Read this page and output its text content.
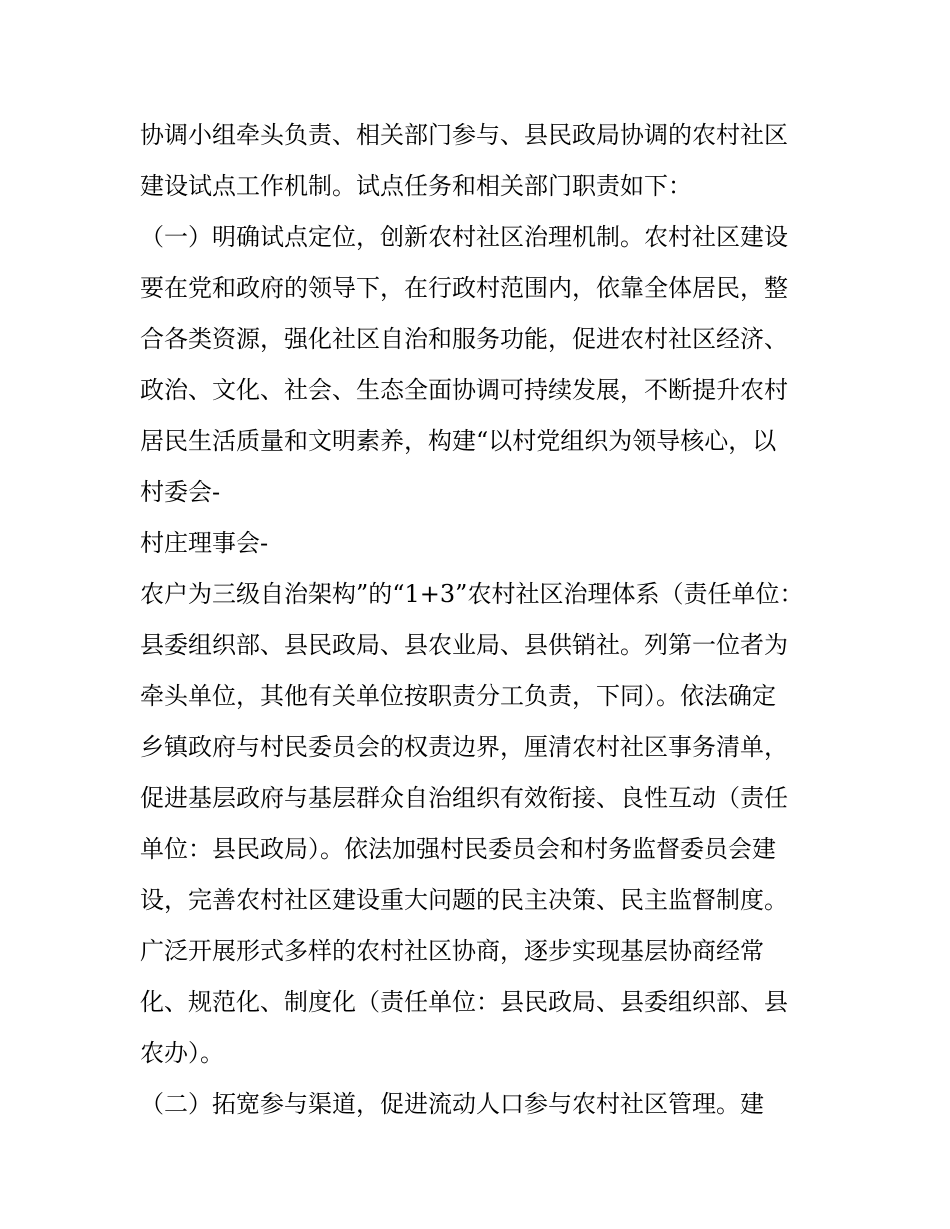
协调小组牵头负责、相关部门参与、县民政局协调的农村社区
建设试点工作机制。试点任务和相关部门职责如下：
（一）明确试点定位，创新农村社区治理机制。农村社区建设
要在党和政府的领导下，在行政村范围内，依靠全体居民，整
合各类资源，强化社区自治和服务功能，促进农村社区经济、
政治、文化、社会、生态全面协调可持续发展，不断提升农村
居民生活质量和文明素养，构建“以村党组织为领导核心，以
村委会-
村庄理事会-
农户为三级自治架构”的“1+3”农村社区治理体系（责任单位：
县委组织部、县民政局、县农业局、县供销社。列第一位者为
牵头单位，其他有关单位按职责分工负责，下同）。依法确定
乡镇政府与村民委员会的权责边界，厘清农村社区事务清单，
促进基层政府与基层群众自治组织有效衔接、良性互动（责任
单位：县民政局）。依法加强村民委员会和村务监督委员会建
设，完善农村社区建设重大问题的民主决策、民主监督制度。
广泛开展形式多样的农村社区协商，逐步实现基层协商经常
化、规范化、制度化（责任单位：县民政局、县委组织部、县
农办）。
（二）拓宽参与渠道，促进流动人口参与农村社区管理。建
